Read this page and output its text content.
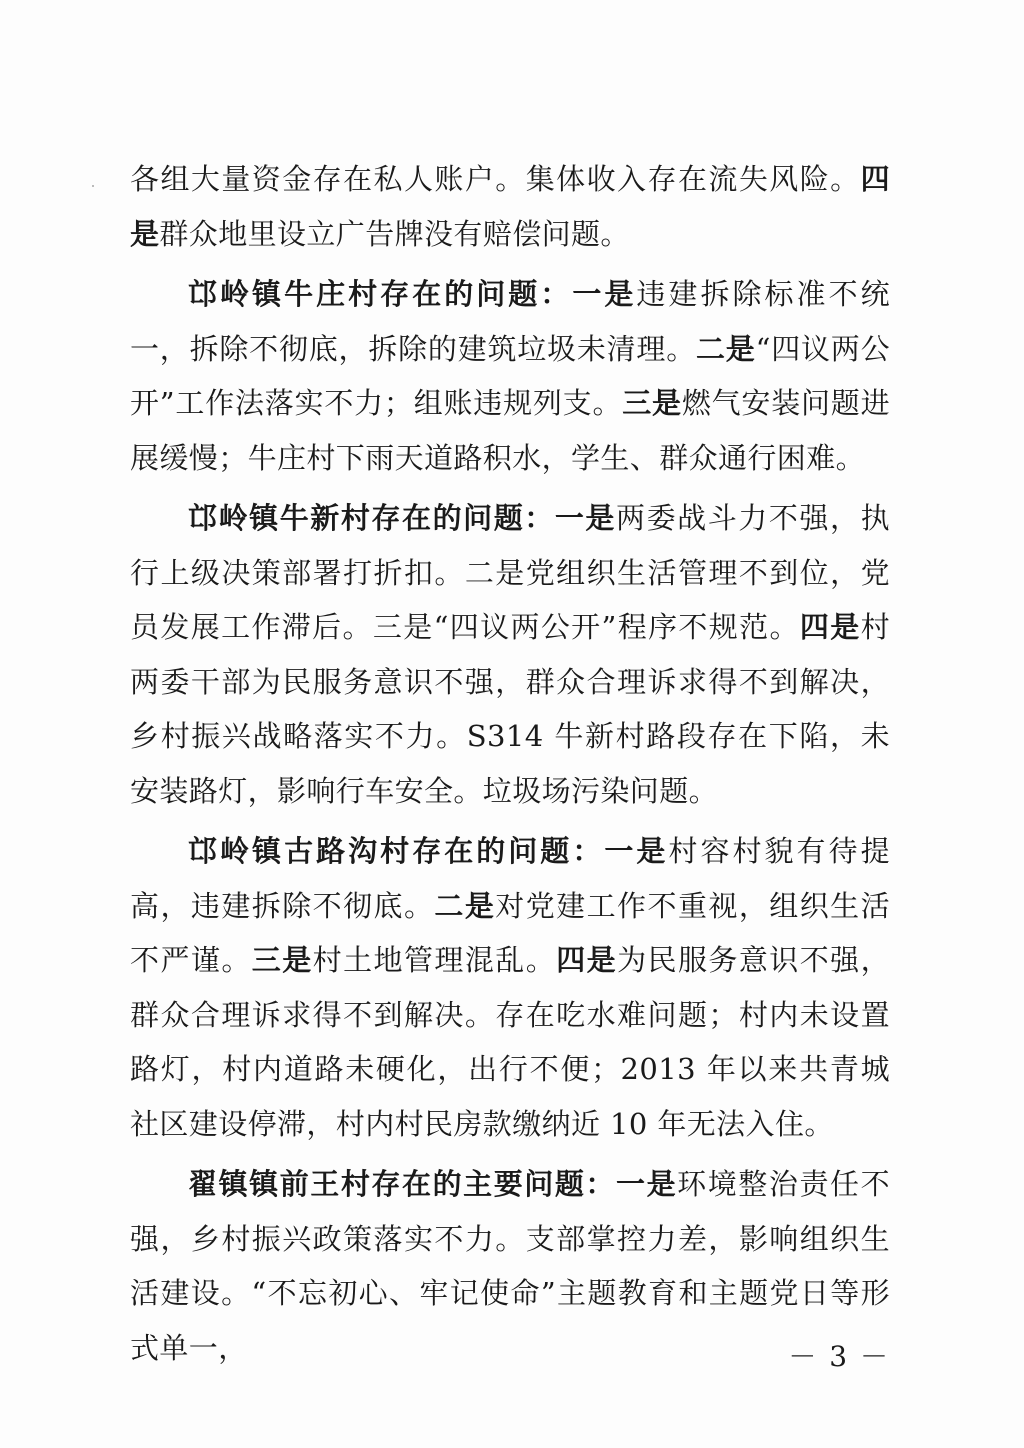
各组大量资金存在私人账户。集体收入存在流失风险。四是群众地里设立广告牌没有赔偿问题。

邙岭镇牛庄村存在的问题：一是违建拆除标准不统一，拆除不彻底，拆除的建筑垃圾未清理。二是“四议两公开”工作法落实不力；组账违规列支。三是燃气安装问题进展缓慢；牛庄村下雨天道路积水，学生、群众通行困难。

邙岭镇牛新村存在的问题：一是两委战斗力不强，执行上级决策部署打折扣。二是党组织生活管理不到位，党员发展工作滞后。三是“四议两公开”程序不规范。四是村两委干部为民服务意识不强，群众合理诉求得不到解决，乡村振兴战略落实不力。S314 牛新村路段存在下陷，未安装路灯，影响行车安全。垃圾场污染问题。

邙岭镇古路沟村存在的问题：一是村容村貌有待提高，违建拆除不彻底。二是对党建工作不重视，组织生活不严谨。三是村土地管理混乱。四是为民服务意识不强，群众合理诉求得不到解决。存在吃水难问题；村内未设置路灯，村内道路未硬化，出行不便；2013 年以来共青城社区建设停滞，村内村民房款缴纳近 10 年无法入住。

翟镇镇前王村存在的主要问题：一是环境整治责任不强，乡村振兴政策落实不力。支部掌控力差，影响组织生活建设。“不忘初心、牢记使命”主题教育和主题党日等形式单一，	－ 3 －
